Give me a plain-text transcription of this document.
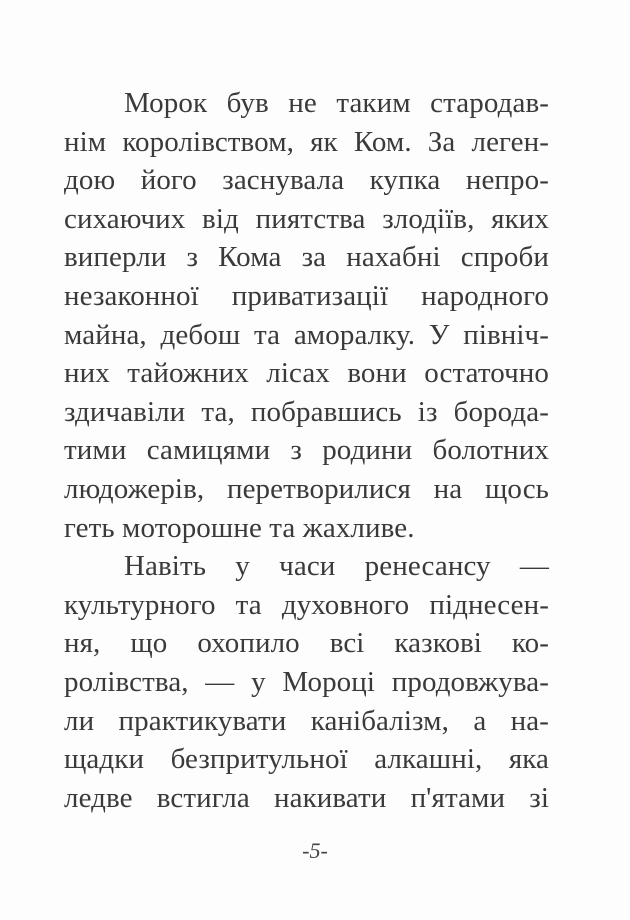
Морок був не таким стародав-
нім королівством, як Ком. За леген-
дою його заснувала купка непро-
сихаючих від пиятства злодіїв, яких
виперли з Кома за нахабні спроби
незаконної приватизації народного
майна, дебош та аморалку. У північ-
них тайожних лісах вони остаточно
здичавіли та, побравшись із борода-
тими самицями з родини болотних
людожерів, перетворилися на щось
геть моторошне та жахливе.
Навіть у часи ренесансу —
культурного та духовного піднесен-
ня, що охопило всі казкові ко-
ролівства, — у Мороці продовжува-
ли практикувати канібалізм, а на-
щадки безпритульної алкашні, яка
ледве встигла накивати п'ятами зі
-5-
